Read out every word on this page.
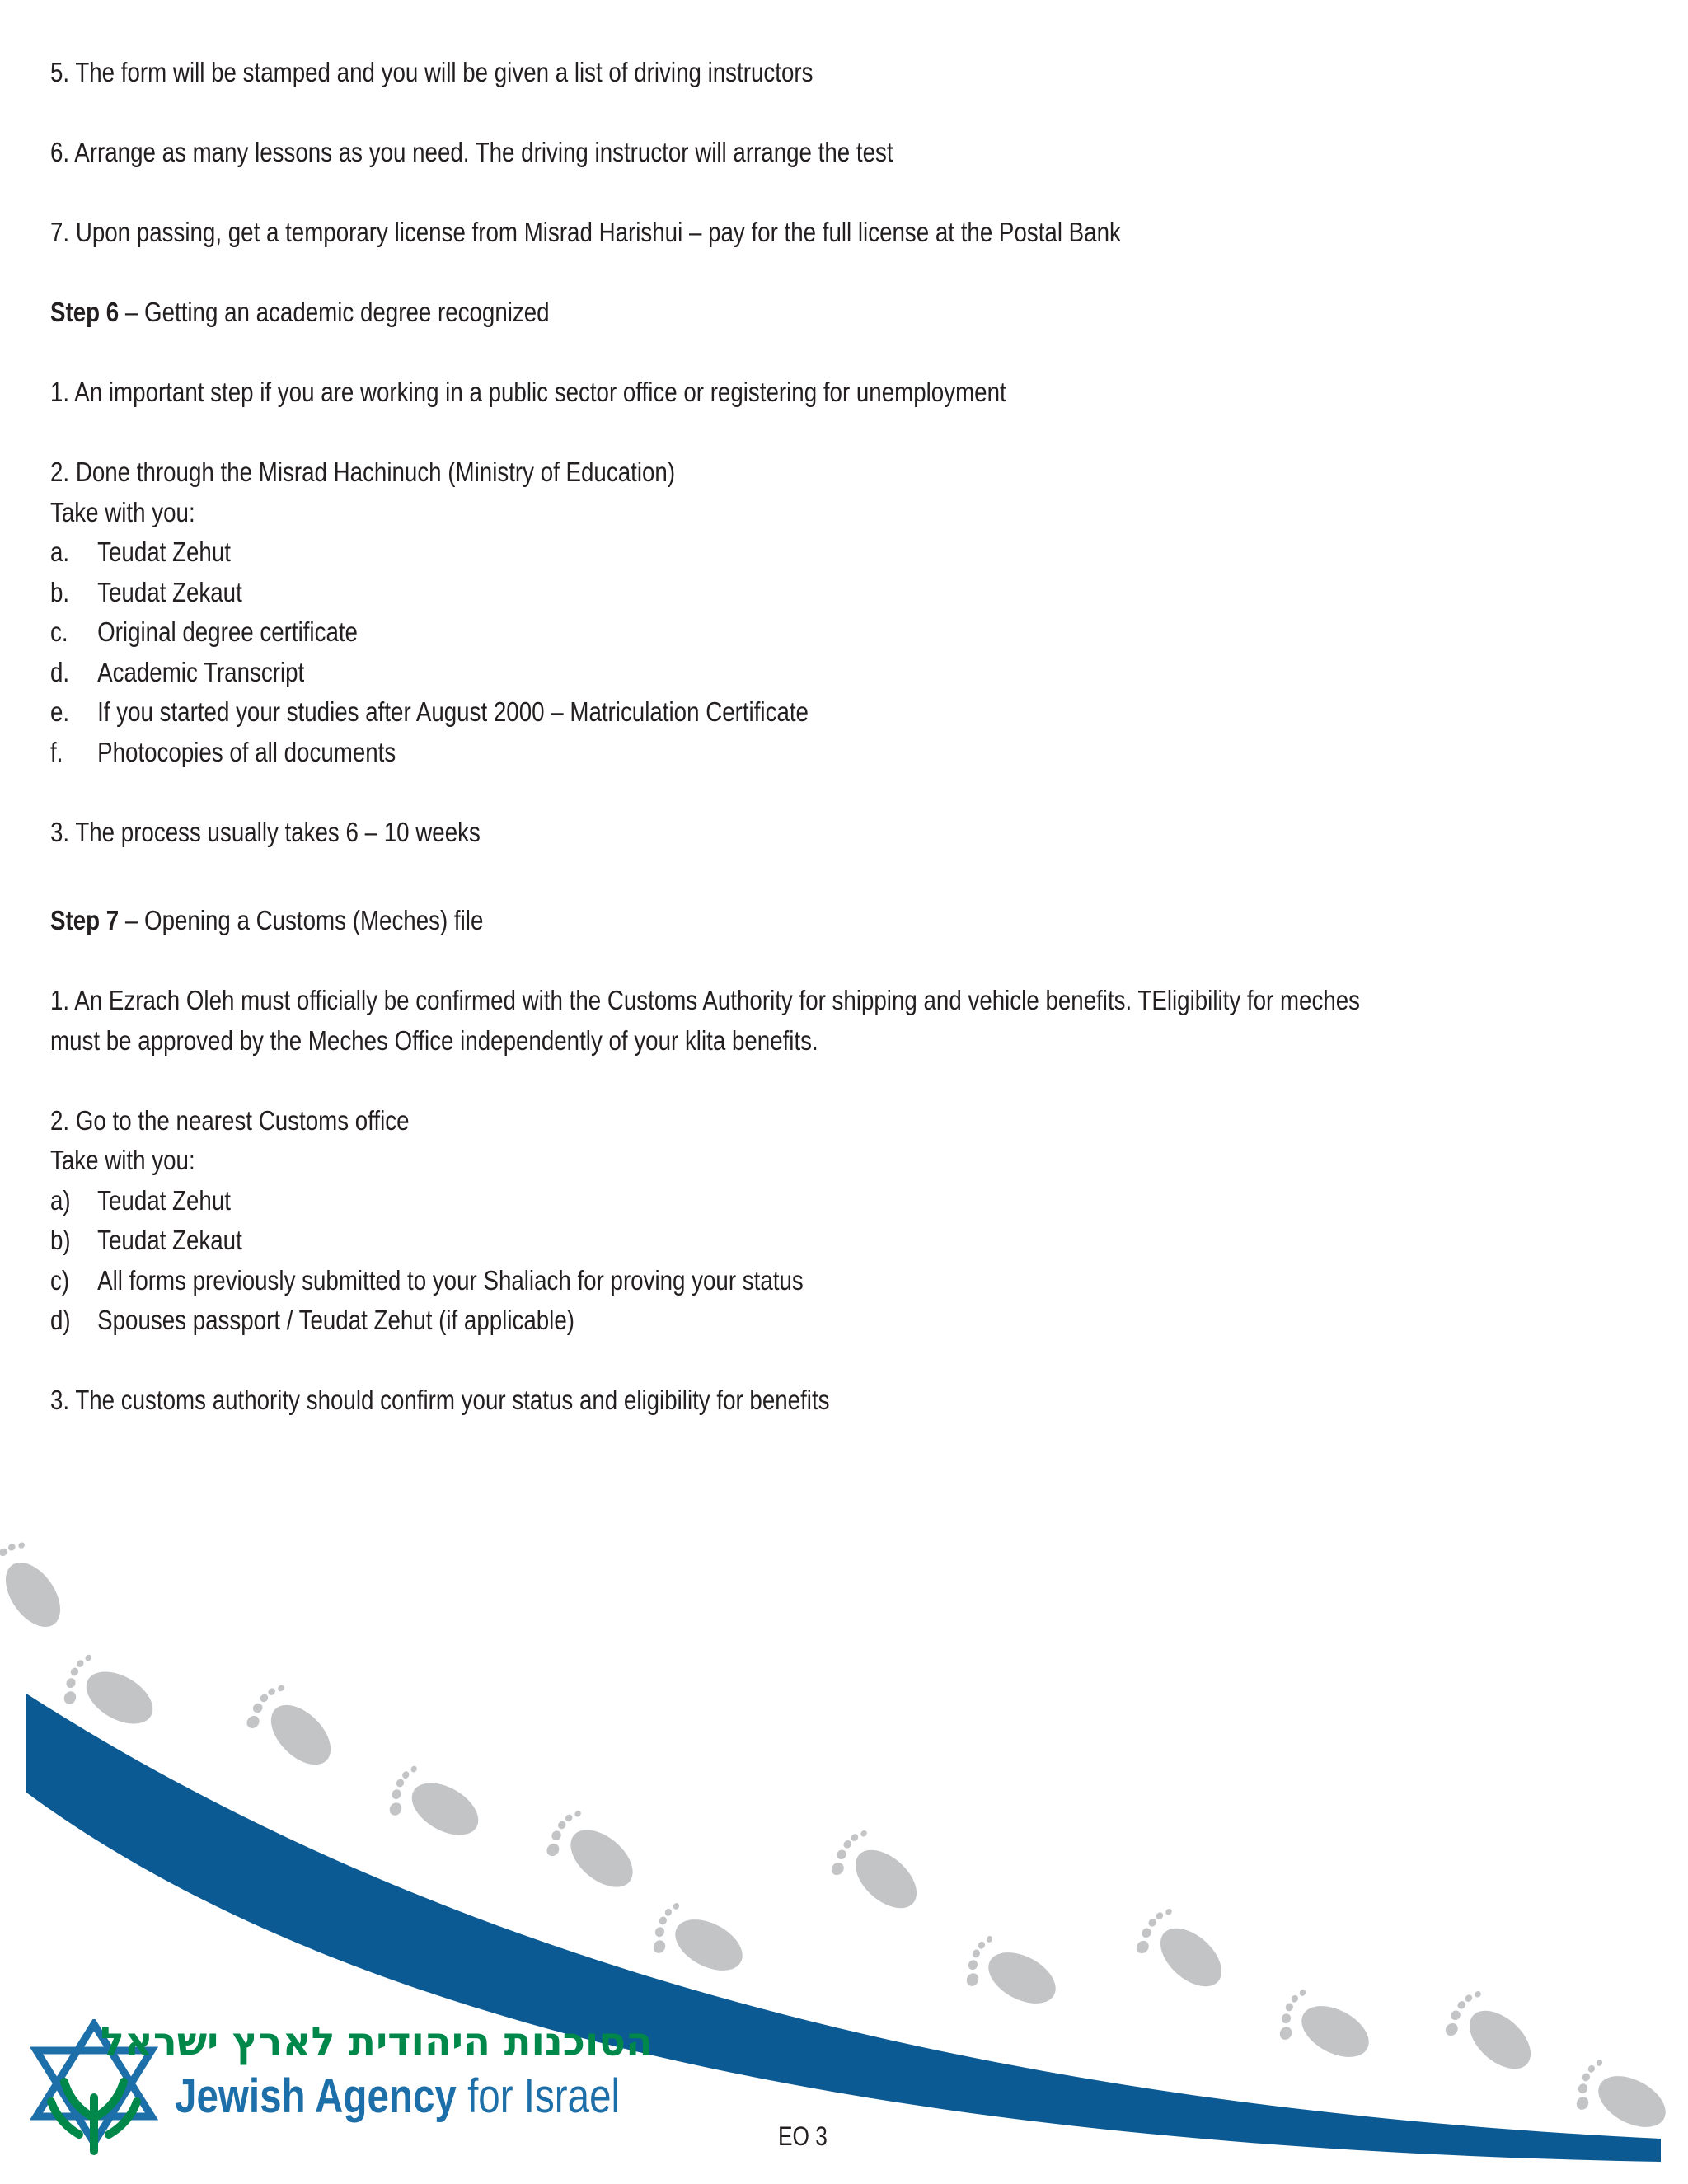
5. The form will be stamped and you will be given a list of driving instructors

6. Arrange as many lessons as you need. The driving instructor will arrange the test

7. Upon passing, get a temporary license from Misrad Harishui – pay for the full license at the Postal Bank

Step 6 – Getting an academic degree recognized

1. An important step if you are working in a public sector office or registering for unemployment

2. Done through the Misrad Hachinuch (Ministry of Education)

Take with you:

a.	Teudat Zehut
b.	Teudat Zekaut
c.	Original degree certificate
d.	Academic Transcript
e.	If you started your studies after August 2000 – Matriculation Certificate
f.	Photocopies of all documents

3. The process usually takes 6 – 10 weeks

Step 7 – Opening a Customs (Meches) file

1. An Ezrach Oleh must officially be confirmed with the Customs Authority for shipping and vehicle benefits. TEligibility for meches

must be approved by the Meches Office independently of your klita benefits.

2. Go to the nearest Customs office

Take with you:

a) Teudat Zehut
b) Teudat Zekaut
c)	All forms previously submitted to your Shaliach for proving your status
d) Spouses passport / Teudat Zehut (if applicable)

3. The customs authority should confirm your status and eligibility for benefits

הסוכנות היהודית לארץ ישראל
Jewish Agency for Israel
EO 3
